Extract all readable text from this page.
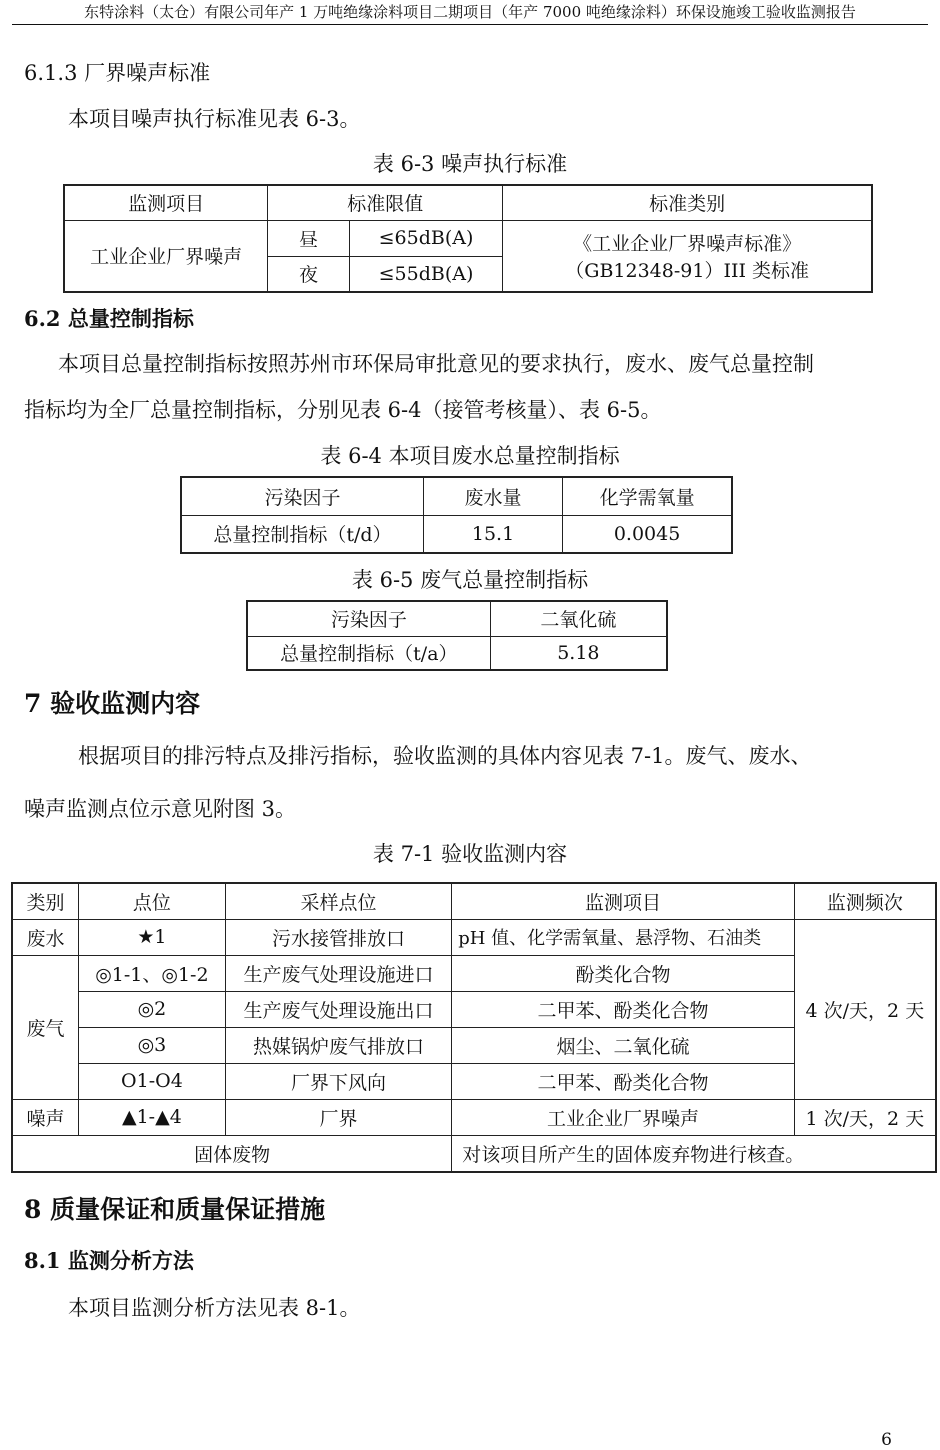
东特涂料（太仓）有限公司年产 1 万吨绝缘涂料项目二期项目（年产 7000 吨绝缘涂料）环保设施竣工验收监测报告
6.1.3 厂界噪声标准
本项目噪声执行标准见表 6-3。
表 6-3 噪声执行标准
监测项目	标准限值		标准类别
工业企业厂界噪声	昼	≤65dB(A)	《工业企业厂界噪声标准》
（GB12348-91）III 类标准

	夜	≤55dB(A)	
6.2 总量控制指标
本项目总量控制指标按照苏州市环保局审批意见的要求执行，废水、废气总量控制
指标均为全厂总量控制指标，分别见表 6-4（接管考核量）、表 6-5。
表 6-4 本项目废水总量控制指标
污染因子	废水量	化学需氧量
总量控制指标（t/d）	15.1	0.0045
表 6-5 废气总量控制指标
污染因子	二氧化硫
总量控制指标（t/a）	5.18
7 验收监测内容
根据项目的排污特点及排污指标，验收监测的具体内容见表 7-1。废气、废水、
噪声监测点位示意见附图 3。
表 7-1 验收监测内容
类别	点位	采样点位	监测项目	监测频次
废水	★1	污水接管排放口	pH 值、化学需氧量、悬浮物、石油类	4 次/天，2 天
废气	◎1-1、◎1-2	生产废气处理设施进口	酚类化合物	
	◎2	生产废气处理设施出口	二甲苯、酚类化合物	
	◎3	热媒锅炉废气排放口	烟尘、二氧化硫	
	O1-O4	厂界下风向	二甲苯、酚类化合物	
噪声	▲1-▲4	厂界	工业企业厂界噪声	1 次/天，2 天
固体废物			对该项目所产生的固体废弃物进行核查。	
8 质量保证和质量保证措施
8.1 监测分析方法
本项目监测分析方法见表 8-1。
6
